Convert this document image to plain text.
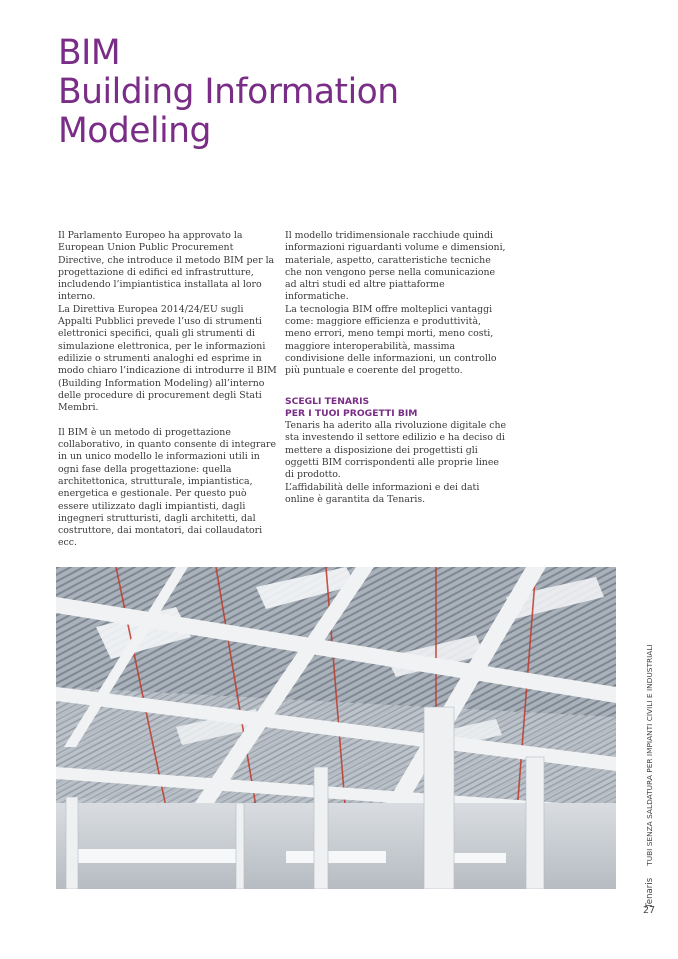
BIM
Building Information
Modeling

Il Parlamento Europeo ha approvato la European Union Public Procurement Directive, che introduce il metodo BIM per la progettazione di edifici ed infrastrutture, includendo l’impiantistica installata al loro interno.

La Direttiva Europea 2014/24/EU sugli Appalti Pubblici prevede l’uso di strumenti elettronici specifici, quali gli strumenti di simulazione elettronica, per le informazioni edilizie o strumenti analoghi ed esprime in modo chiaro l’indicazione di introdurre il BIM (Building Information Modeling) all’interno delle procedure di procurement degli Stati Membri.

Il BIM è un metodo di progettazione collaborativo, in quanto consente di integrare in un unico modello le informazioni utili in ogni fase della progettazione: quella architettonica, strutturale, impiantistica, energetica e gestionale. Per questo può essere utilizzato dagli impiantisti, dagli ingegneri strutturisti, dagli architetti, dal costruttore, dai montatori, dai collaudatori ecc.

Il modello tridimensionale racchiude quindi informazioni riguardanti volume e dimensioni, materiale, aspetto, caratteristiche tecniche che non vengono perse nella comunicazione ad altri studi ed altre piattaforme informatiche.

La tecnologia BIM offre molteplici vantaggi come: maggiore efficienza e produttività, meno errori, meno tempi morti, meno costi, maggiore interoperabilità, massima condivisione delle informazioni, un controllo più puntuale e coerente del progetto.

SCEGLI TENARIS
PER I TUOI PROGETTI BIM

Tenaris ha aderito alla rivoluzione digitale che sta investendo il settore edilizio e ha deciso di mettere a disposizione dei progettisti gli oggetti BIM corrispondenti alle proprie linee di prodotto.

L’affidabilità delle informazioni e dei dati online è garantita da Tenaris.

Tenaris
TUBI SENZA SALDATURA PER IMPIANTI CIVILI E INDUSTRIALI
27
